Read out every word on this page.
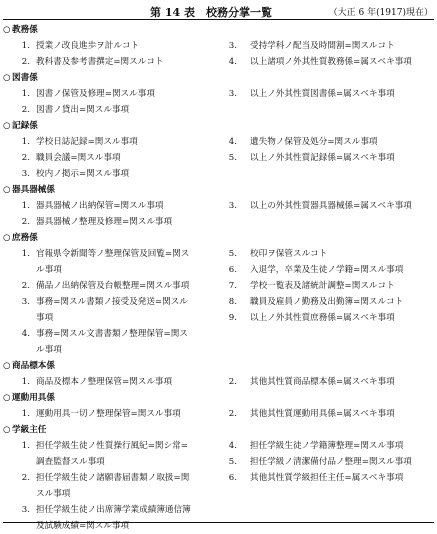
第 14 表　校務分掌一覧	（大正 6 年(1917)現在）
○ 教務係
1. 授業ノ改良進歩ヲ計ルコト
2. 教科書及参考書撰定=関スルコト
3. 受持学科ノ配当及時間割=関スルコト
4. 以上諸項ノ外其性質教務係=属スベキ事項
○ 図書係
1. 図書ノ保管及修理=関スル事項
2. 図書ノ貸出=関スル事項
3. 以上ノ外其性質図書係=属スベキ事項
○ 記録係
1. 学校日誌記録=関スル事項
2. 職員会議=関スル事項
3. 校内ノ掲示=関スル事項
4. 遺失物ノ保管及処分=関スル事項
5. 以上ノ外其性質記録係=属スベキ事項
○ 器具器械係
1. 器具器械ノ出納保管=関スル事項
2. 器具器械ノ整理及修理=関スル事項
3. 以上の外其性質器具器械係=属スベキ事項
○ 庶務係
1. 官報県令新聞等ノ整理保管及回覧=関ス
ル事項
2. 備品ノ出納保管及台帳整理=関スル事項
3. 事務=関スル書類ノ接受及発送=関スル
事項
4. 事務=関スル文書書類ノ整理保管=関ス
ル事項
5. 校印ヲ保管スルコト
6. 入退学，卒業及生徒ノ学籍=関スル事項
7. 学校一覧表及諸統計調整=関スルコト
8. 職員及雇員ノ勤務及出勤簿=関スルコト
9. 以上ノ外其性質庶務係=属スベキ事項
○ 商品標本係
1. 商品及標本ノ整理保管=関スル事項	2. 其他其性質商品標本係=属スベキ事項
○ 運動用具係
1. 運動用具一切ノ整理保管=関スル事項	2. 其他其性質運動用具係=属スベキ事項
○ 学級主任
1. 担任学級生徒ノ性質操行風紀=関シ常=
調査監督スル事項
2. 担任学級生徒ノ諸願書届書類ノ取扱=関
スル事項
3. 担任学級生徒ノ出席簿学業成績簿通信簿
及試験成績=関スル事項
4. 担任学級生徒ノ学籍簿整理=関スル事項
5. 担任学級ノ清潔備付品ノ整理=関スル事項
6. 其他其性質学級担任主任=属スベキ事項
